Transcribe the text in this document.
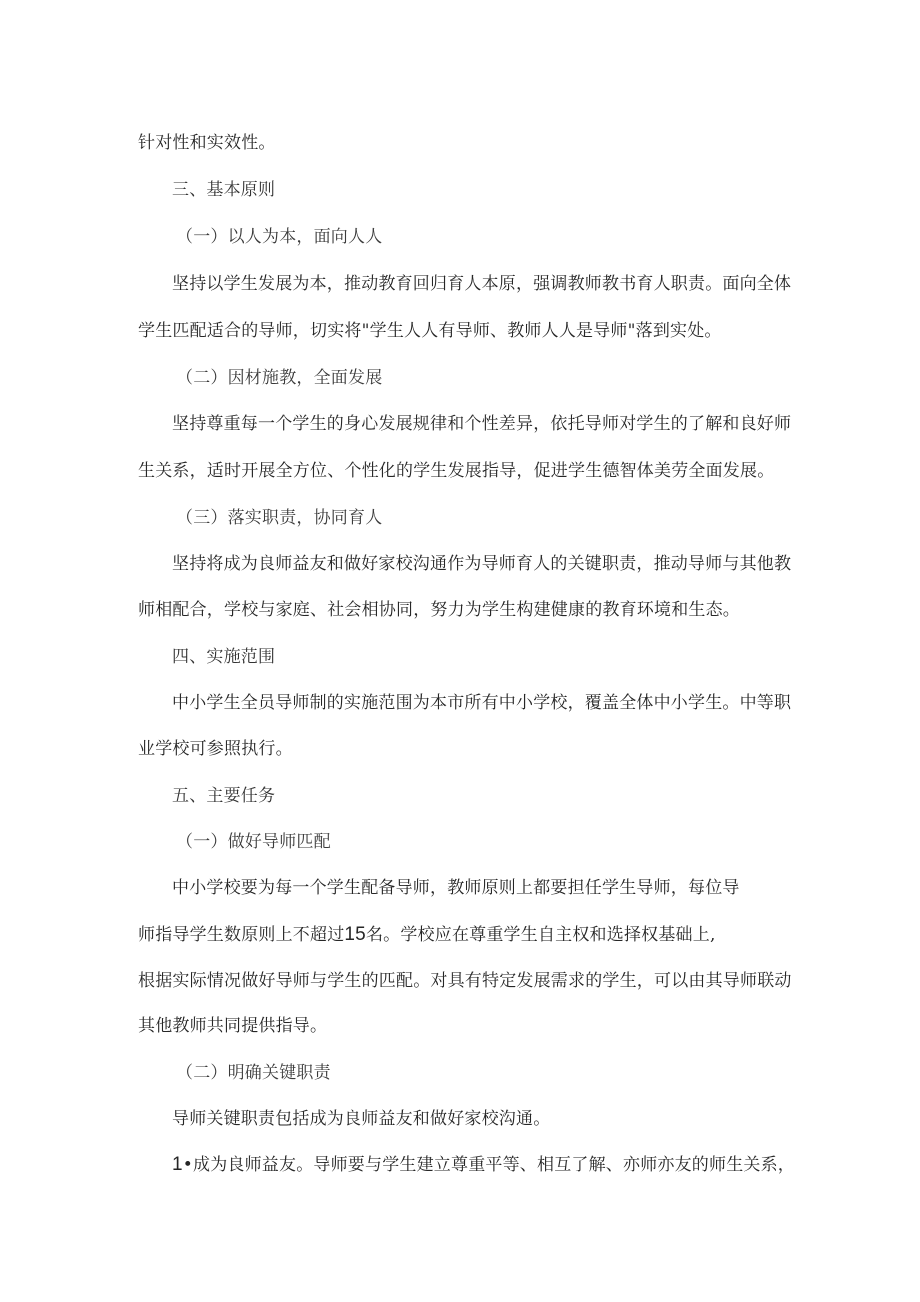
针对性和实效性。
三、基本原则
（一）以人为本，面向人人
坚持以学生发展为本，推动教育回归育人本原，强调教师教书育人职责。面向全体
学生匹配适合的导师，切实将"学生人人有导师、教师人人是导师"落到实处。
（二）因材施教，全面发展
坚持尊重每一个学生的身心发展规律和个性差异，依托导师对学生的了解和良好师
生关系，适时开展全方位、个性化的学生发展指导，促进学生德智体美劳全面发展。
（三）落实职责，协同育人
坚持将成为良师益友和做好家校沟通作为导师育人的关键职责，推动导师与其他教
师相配合，学校与家庭、社会相协同，努力为学生构建健康的教育环境和生态。
四、实施范围
中小学生全员导师制的实施范围为本市所有中小学校，覆盖全体中小学生。中等职
业学校可参照执行。
五、主要任务
（一）做好导师匹配
中小学校要为每一个学生配备导师，教师原则上都要担任学生导师，每位导
师指导学生数原则上不超过15名。学校应在尊重学生自主权和选择权基础上,
根据实际情况做好导师与学生的匹配。对具有特定发展需求的学生，可以由其导师联动
其他教师共同提供指导。
（二）明确关键职责
导师关键职责包括成为良师益友和做好家校沟通。
1•成为良师益友。导师要与学生建立尊重平等、相互了解、亦师亦友的师生关系，
